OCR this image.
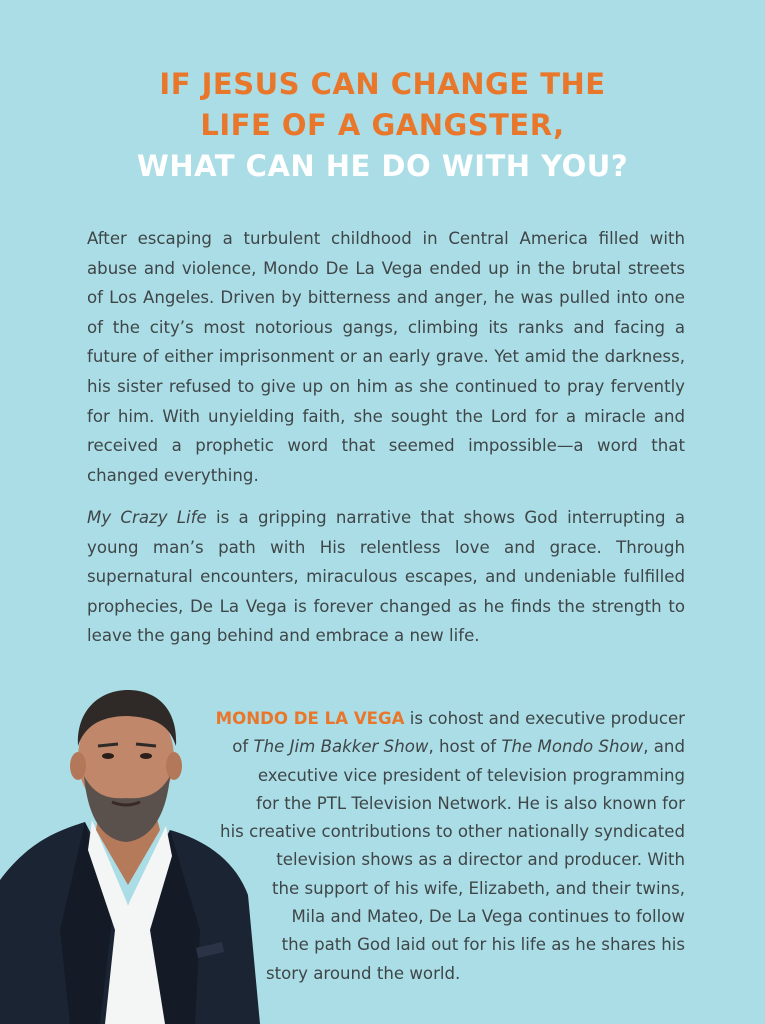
IF JESUS CAN CHANGE THE
LIFE OF A GANGSTER,
WHAT CAN HE DO WITH YOU?
After escaping a turbulent childhood in Central America filled with abuse and violence, Mondo De La Vega ended up in the brutal streets of Los Angeles. Driven by bitterness and anger, he was pulled into one of the city’s most notorious gangs, climbing its ranks and facing a future of either imprisonment or an early grave. Yet amid the darkness, his sister refused to give up on him as she continued to pray fervently for him. With unyielding faith, she sought the Lord for a miracle and received a prophetic word that seemed impossible—a word that changed everything.
My Crazy Life is a gripping narrative that shows God interrupting a young man’s path with His relentless love and grace. Through supernatural encounters, miraculous escapes, and undeniable fulfilled prophecies, De La Vega is forever changed as he finds the strength to leave the gang behind and embrace a new life.
MONDO DE LA VEGA is cohost and executive producer
of The Jim Bakker Show, host of The Mondo Show, and
executive vice president of television programming
for the PTL Television Network. He is also known for
his creative contributions to other nationally syndicated
television shows as a director and producer. With
the support of his wife, Elizabeth, and their twins,
Mila and Mateo, De La Vega continues to follow
the path God laid out for his life as he shares his
story around the world.
